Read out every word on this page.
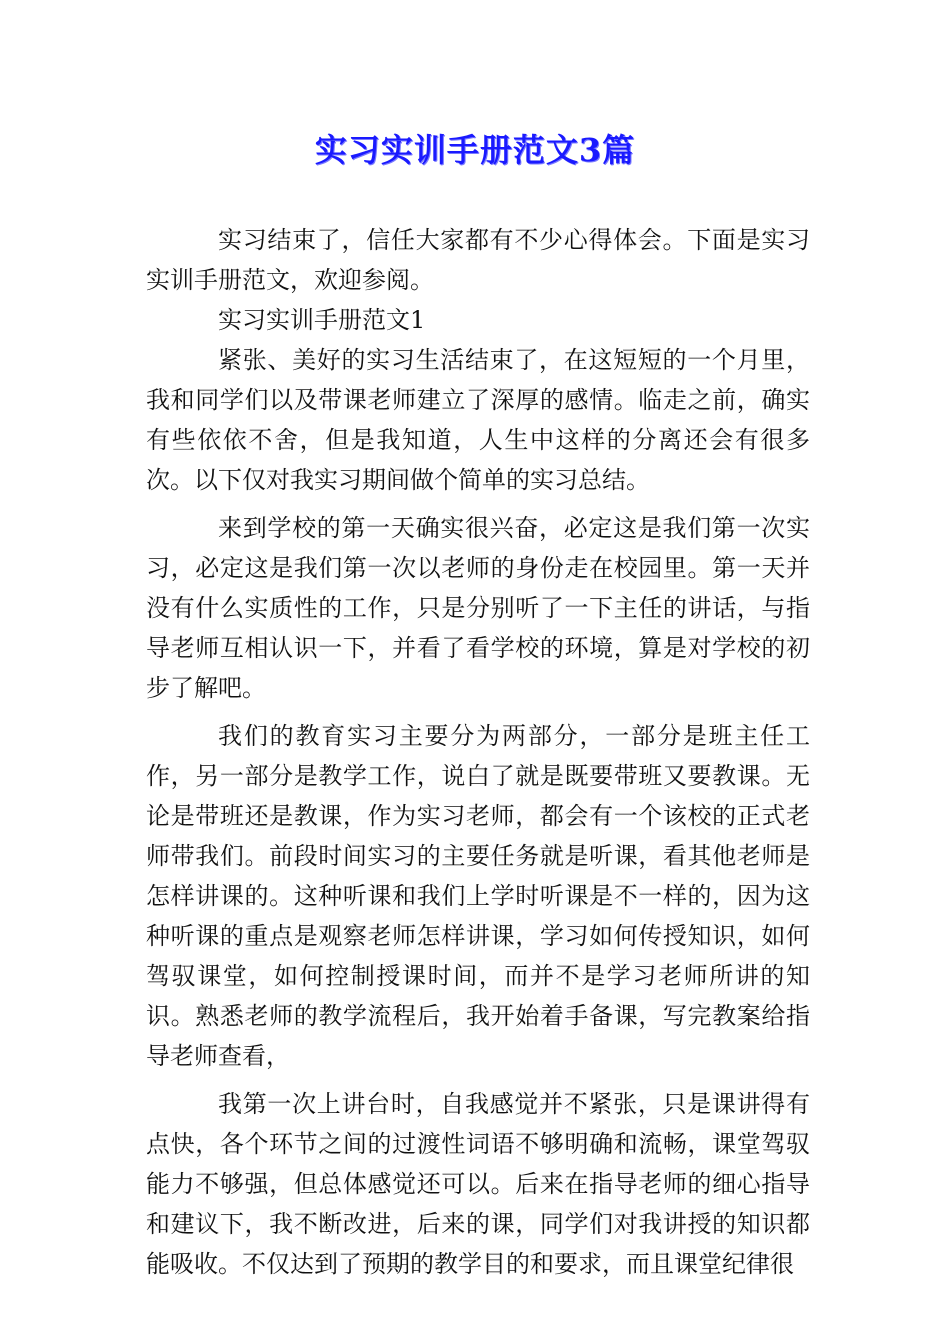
实习实训手册范文3篇

实习结束了，信任大家都有不少心得体会。下面是实习实训手册范文，欢迎参阅。

实习实训手册范文1

紧张、美好的实习生活结束了，在这短短的一个月里，我和同学们以及带课老师建立了深厚的感情。临走之前，确实有些依依不舍，但是我知道，人生中这样的分离还会有很多次。以下仅对我实习期间做个简单的实习总结。

来到学校的第一天确实很兴奋，必定这是我们第一次实习，必定这是我们第一次以老师的身份走在校园里。第一天并没有什么实质性的工作，只是分别听了一下主任的讲话，与指导老师互相认识一下，并看了看学校的环境，算是对学校的初步了解吧。

我们的教育实习主要分为两部分，一部分是班主任工作，另一部分是教学工作，说白了就是既要带班又要教课。无论是带班还是教课，作为实习老师，都会有一个该校的正式老师带我们。前段时间实习的主要任务就是听课，看其他老师是怎样讲课的。这种听课和我们上学时听课是不一样的，因为这种听课的重点是观察老师怎样讲课，学习如何传授知识，如何驾驭课堂，如何控制授课时间，而并不是学习老师所讲的知识。熟悉老师的教学流程后，我开始着手备课，写完教案给指导老师查看，

我第一次上讲台时，自我感觉并不紧张，只是课讲得有点快，各个环节之间的过渡性词语不够明确和流畅，课堂驾驭能力不够强，但总体感觉还可以。后来在指导老师的细心指导和建议下，我不断改进，后来的课，同学们对我讲授的知识都能吸收。不仅达到了预期的教学目的和要求，而且课堂纪律很
